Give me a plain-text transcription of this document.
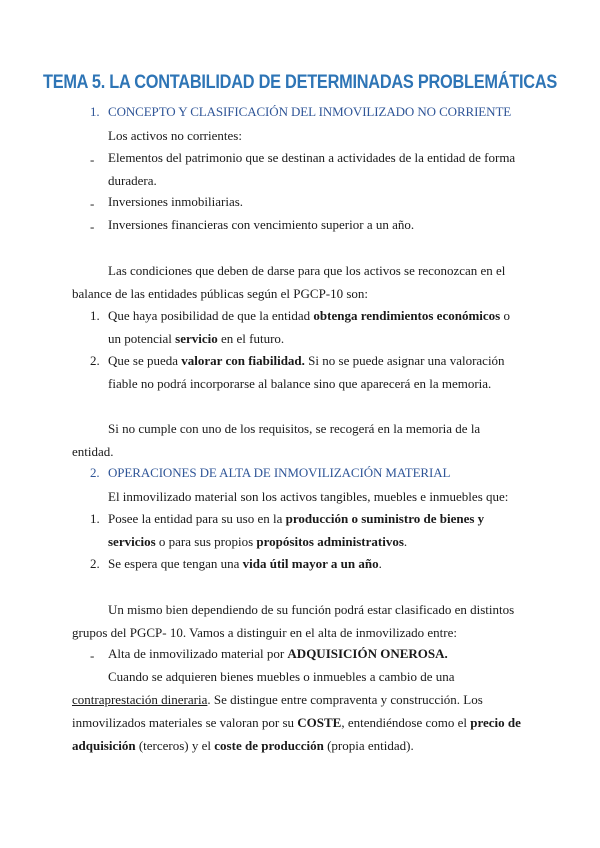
TEMA 5. LA CONTABILIDAD DE DETERMINADAS PROBLEMÁTICAS
1. CONCEPTO Y CLASIFICACIÓN DEL INMOVILIZADO NO CORRIENTE
Los activos no corrientes:
- Elementos del patrimonio que se destinan a actividades de la entidad de forma
duradera.
- Inversiones inmobiliarias.
- Inversiones financieras con vencimiento superior a un año.
Las condiciones que deben de darse para que los activos se reconozcan en el
balance de las entidades públicas según el PGCP-10 son:
1. Que haya posibilidad de que la entidad obtenga rendimientos económicos o
un potencial servicio en el futuro.
2. Que se pueda valorar con fiabilidad. Si no se puede asignar una valoración
fiable no podrá incorporarse al balance sino que aparecerá en la memoria.
Si no cumple con uno de los requisitos, se recogerá en la memoria de la
entidad.
2. OPERACIONES DE ALTA DE INMOVILIZACIÓN MATERIAL
El inmovilizado material son los activos tangibles, muebles e inmuebles que:
1. Posee la entidad para su uso en la producción o suministro de bienes y
servicios o para sus propios propósitos administrativos.
2. Se espera que tengan una vida útil mayor a un año.
Un mismo bien dependiendo de su función podrá estar clasificado en distintos
grupos del PGCP- 10. Vamos a distinguir en el alta de inmovilizado entre:
- Alta de inmovilizado material por ADQUISICIÓN ONEROSA.
Cuando se adquieren bienes muebles o inmuebles a cambio de una
contraprestación dineraria. Se distingue entre compraventa y construcción. Los
inmovilizados materiales se valoran por su COSTE, entendiéndose como el precio de
adquisición (terceros) y el coste de producción (propia entidad).
